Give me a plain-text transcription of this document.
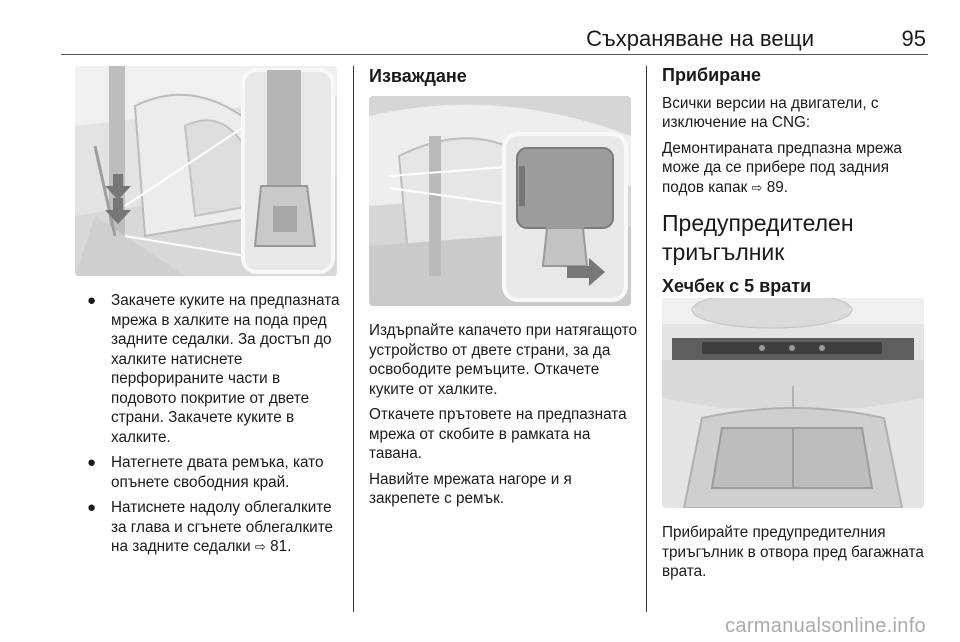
Съхраняване на вещи	95
● Закачете куките на предпазната мрежа в халките на пода пред задните седалки. За достъп до халките натиснете перфорираните части в подовото покритие от двете страни. Закачете куките в халките.
● Натегнете двата ремъка, като опънете свободния край.
● Натиснете надолу облегалките за глава и сгънете облегалките на задните седалки ⇨ 81.
Изваждане

Издърпайте капачето при натягащото устройство от двете страни, за да освободите ремъците. Откачете куките от халките.

Откачете прътовете на предпазната мрежа от скобите в рамката на тавана.

Навийте мрежата нагоре и я закрепете с ремък.

Прибиране

Всички версии на двигатели, с изключение на CNG:

Демонтираната предпазна мрежа може да се прибере под задния подов капак ⇨ 89.

Предупредителен триъгълник
Хечбек с 5 врати

Прибирайте предупредителния триъгълник в отвора пред багажната врата.

carmanualsonline.info
